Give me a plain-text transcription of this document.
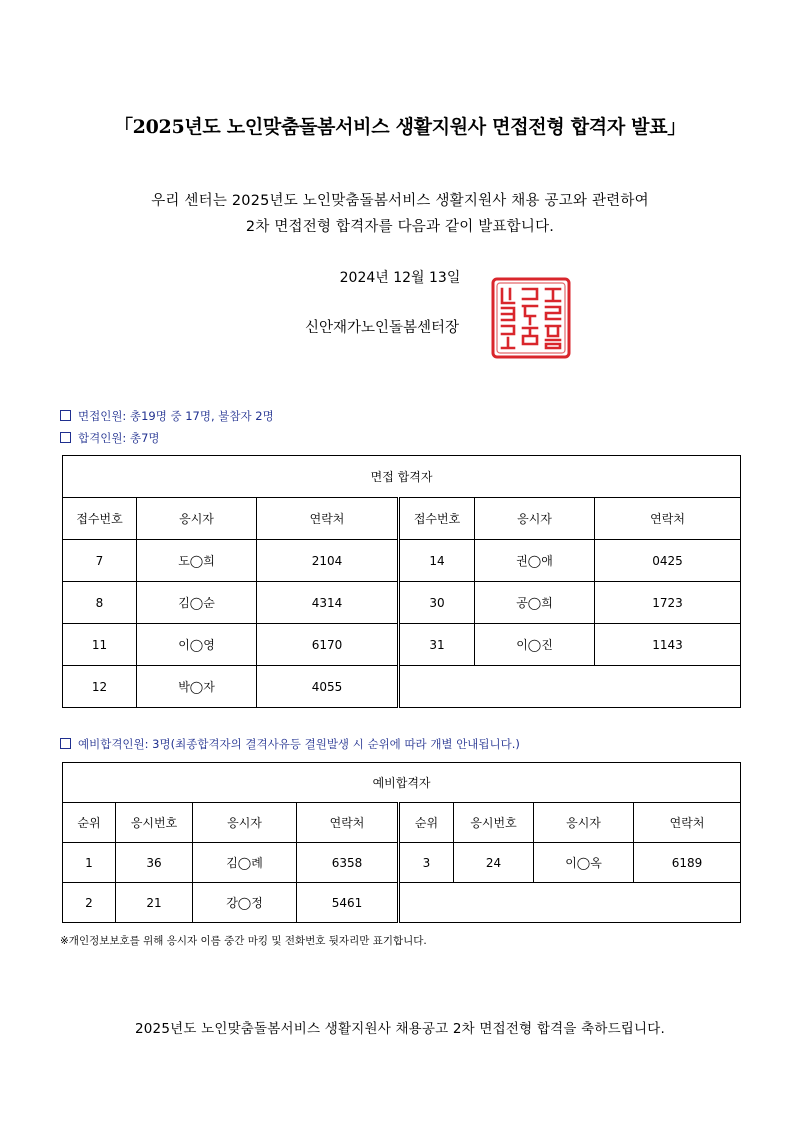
「2025년도 노인맞춤돌봄서비스 생활지원사 면접전형 합격자 발표」
우리 센터는 2025년도 노인맞춤돌봄서비스 생활지원사 채용 공고와 관련하여
2차 면접전형 합격자를 다음과 같이 발표합니다.
2024년 12월 13일
신안재가노인돌봄센터장
면접인원: 총19명 중 17명, 불참자 2명
합격인원: 총7명
면접 합격자					
접수번호	응시자	연락처	접수번호	응시자	연락처
7	도◯희	2104	14	권◯애	0425
8	김◯순	4314	30	공◯희	1723
11	이◯영	6170	31	이◯진	1143
12	박◯자	4055			
예비합격인원: 3명(최종합격자의 결격사유등 결원발생 시 순위에 따라 개별 안내됩니다.)
예비합격자							
순위	응시번호	응시자	연락처	순위	응시번호	응시자	연락처
1	36	김◯례	6358	3	24	이◯옥	6189
2	21	강◯정	5461				
※개인정보보호를 위해 응시자 이름 중간 마킹 및 전화번호 뒷자리만 표기합니다.
2025년도 노인맞춤돌봄서비스 생활지원사 채용공고 2차 면접전형 합격을 축하드립니다.
